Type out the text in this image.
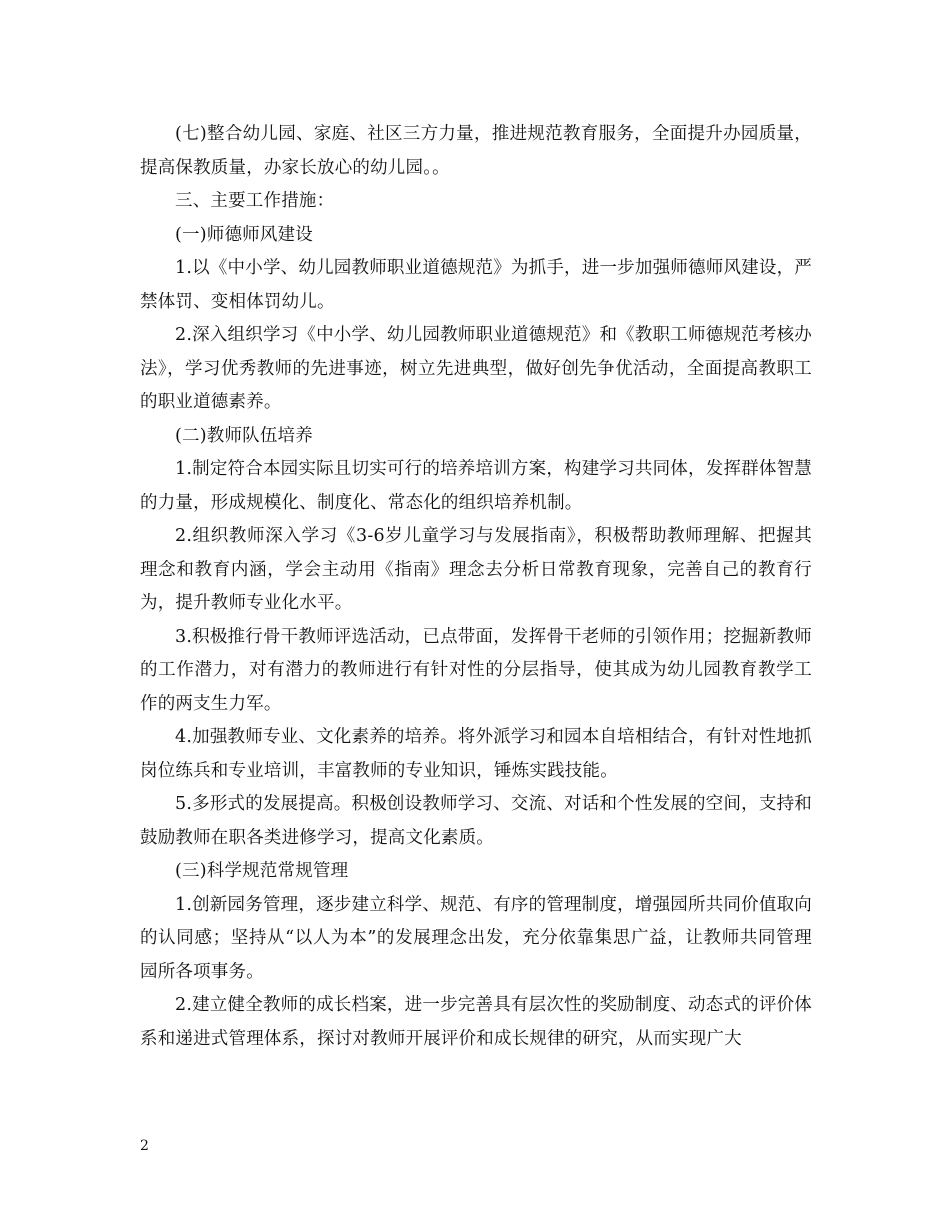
(七)整合幼儿园、家庭、社区三方力量，推进规范教育服务，全面提升办园质量，提高保教质量，办家长放心的幼儿园。。

三、主要工作措施：

(一)师德师风建设

1.以《中小学、幼儿园教师职业道德规范》为抓手，进一步加强师德师风建设，严禁体罚、变相体罚幼儿。

2.深入组织学习《中小学、幼儿园教师职业道德规范》和《教职工师德规范考核办法》，学习优秀教师的先进事迹，树立先进典型，做好创先争优活动，全面提高教职工的职业道德素养。

(二)教师队伍培养

1.制定符合本园实际且切实可行的培养培训方案，构建学习共同体，发挥群体智慧的力量，形成规模化、制度化、常态化的组织培养机制。

2.组织教师深入学习《3-6岁儿童学习与发展指南》，积极帮助教师理解、把握其理念和教育内涵，学会主动用《指南》理念去分析日常教育现象，完善自己的教育行为，提升教师专业化水平。

3.积极推行骨干教师评选活动，已点带面，发挥骨干老师的引领作用；挖掘新教师的工作潜力，对有潜力的教师进行有针对性的分层指导，使其成为幼儿园教育教学工作的两支生力军。

4.加强教师专业、文化素养的培养。将外派学习和园本自培相结合，有针对性地抓岗位练兵和专业培训，丰富教师的专业知识，锤炼实践技能。

5.多形式的发展提高。积极创设教师学习、交流、对话和个性发展的空间，支持和鼓励教师在职各类进修学习，提高文化素质。

(三)科学规范常规管理

1.创新园务管理，逐步建立科学、规范、有序的管理制度，增强园所共同价值取向的认同感；坚持从“以人为本”的发展理念出发，充分依靠集思广益，让教师共同管理园所各项事务。

2.建立健全教师的成长档案，进一步完善具有层次性的奖励制度、动态式的评价体系和递进式管理体系，探讨对教师开展评价和成长规律的研究，从而实现广大

2
